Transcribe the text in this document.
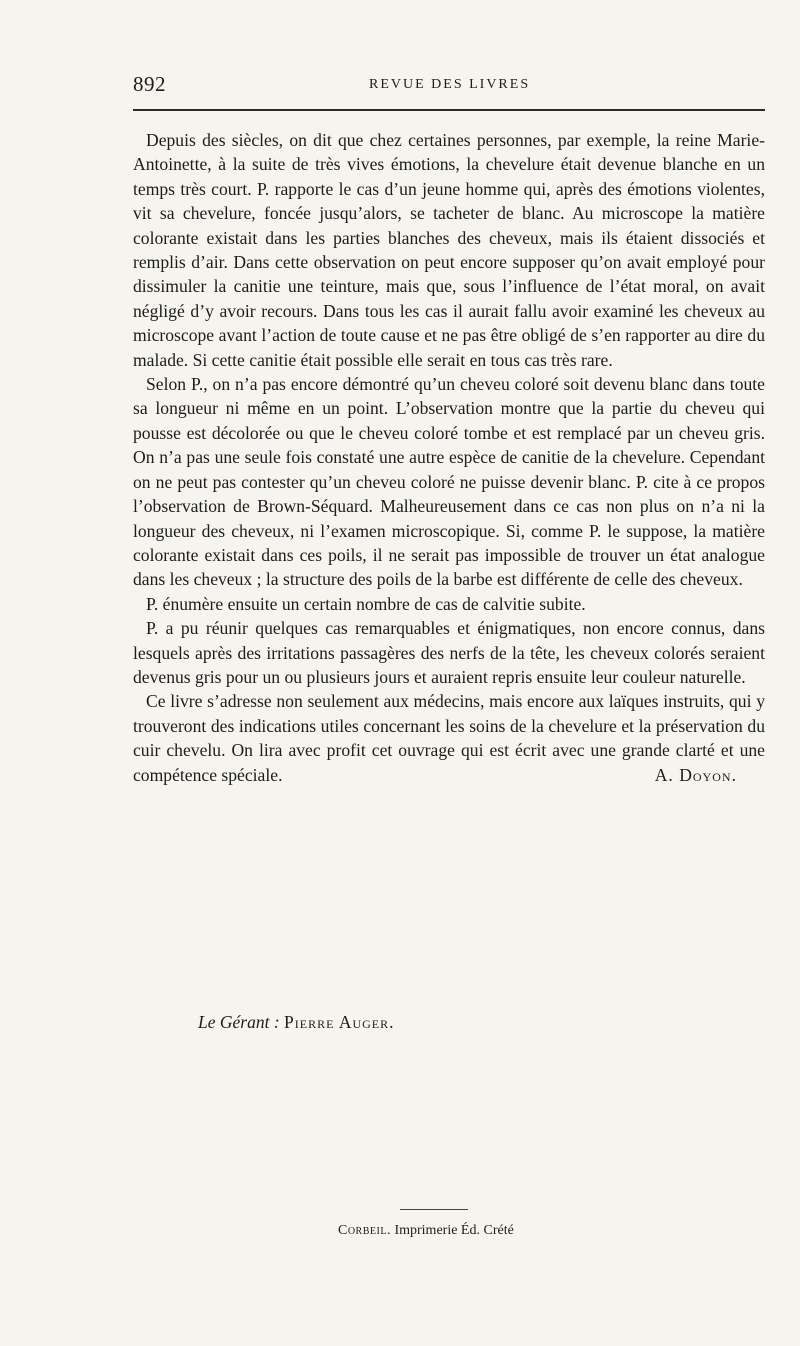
892	REVUE DES LIVRES

Depuis des siècles, on dit que chez certaines personnes, par exemple, la reine Marie-Antoinette, à la suite de très vives émotions, la chevelure était devenue blanche en un temps très court. P. rapporte le cas d’un jeune homme qui, après des émotions violentes, vit sa chevelure, foncée jusqu’alors, se tacheter de blanc. Au microscope la matière colorante existait dans les parties blanches des cheveux, mais ils étaient dissociés et remplis d’air. Dans cette observation on peut encore supposer qu’on avait employé pour dissimuler la canitie une teinture, mais que, sous l’influence de l’état moral, on avait négligé d’y avoir recours. Dans tous les cas il aurait fallu avoir examiné les cheveux au microscope avant l’action de toute cause et ne pas être obligé de s’en rapporter au dire du malade. Si cette canitie était possible elle serait en tous cas très rare.

Selon P., on n’a pas encore démontré qu’un cheveu coloré soit devenu blanc dans toute sa longueur ni même en un point. L’observation montre que la partie du cheveu qui pousse est décolorée ou que le cheveu coloré tombe et est remplacé par un cheveu gris. On n’a pas une seule fois constaté une autre espèce de canitie de la chevelure. Cependant on ne peut pas contester qu’un cheveu coloré ne puisse devenir blanc. P. cite à ce propos l’observation de Brown-Séquard. Malheureusement dans ce cas non plus on n’a ni la longueur des cheveux, ni l’examen microscopique. Si, comme P. le suppose, la matière colorante existait dans ces poils, il ne serait pas impossible de trouver un état analogue dans les cheveux ; la structure des poils de la barbe est différente de celle des cheveux.

P. énumère ensuite un certain nombre de cas de calvitie subite.

P. a pu réunir quelques cas remarquables et énigmatiques, non encore connus, dans lesquels après des irritations passagères des nerfs de la tête, les cheveux colorés seraient devenus gris pour un ou plusieurs jours et auraient repris ensuite leur couleur naturelle.

Ce livre s’adresse non seulement aux médecins, mais encore aux laïques instruits, qui y trouveront des indications utiles concernant les soins de la chevelure et la préservation du cuir chevelu. On lira avec profit cet ouvrage qui est écrit avec une grande clarté et une compétence spéciale.	A. Doyon.

Le Gérant : Pierre Auger.
Corbeil. Imprimerie Éd. Crété
